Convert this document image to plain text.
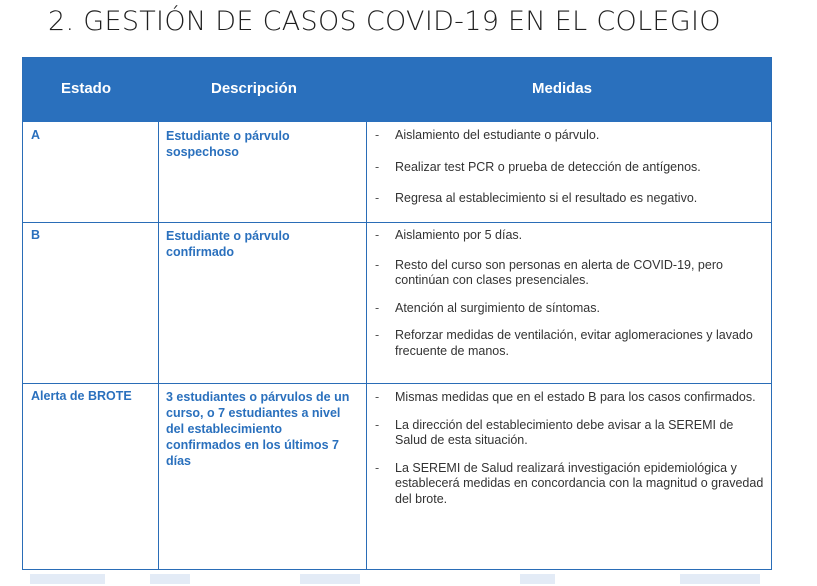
2. GESTIÓN DE CASOS COVID-19 EN EL COLEGIO
Estado	Descripción	Medidas
A	Estudiante o párvulo sospechoso
- Aislamiento del estudiante o párvulo.
- Realizar test PCR o prueba de detección de antígenos.
- Regresa al establecimiento si el resultado es negativo.
B	Estudiante o párvulo confirmado
- Aislamiento por 5 días.
- Resto del curso son personas en alerta de COVID-19, pero continúan con clases presenciales.
- Atención al surgimiento de síntomas.
- Reforzar medidas de ventilación, evitar aglomeraciones y lavado frecuente de manos.
Alerta de BROTE	3 estudiantes o párvulos de un curso, o 7 estudiantes a nivel del establecimiento confirmados en los últimos 7 días
- Mismas medidas que en el estado B para los casos confirmados.
- La dirección del establecimiento debe avisar a la SEREMI de Salud de esta situación.
- La SEREMI de Salud realizará investigación epidemiológica y establecerá medidas en concordancia con la magnitud o gravedad del brote.
